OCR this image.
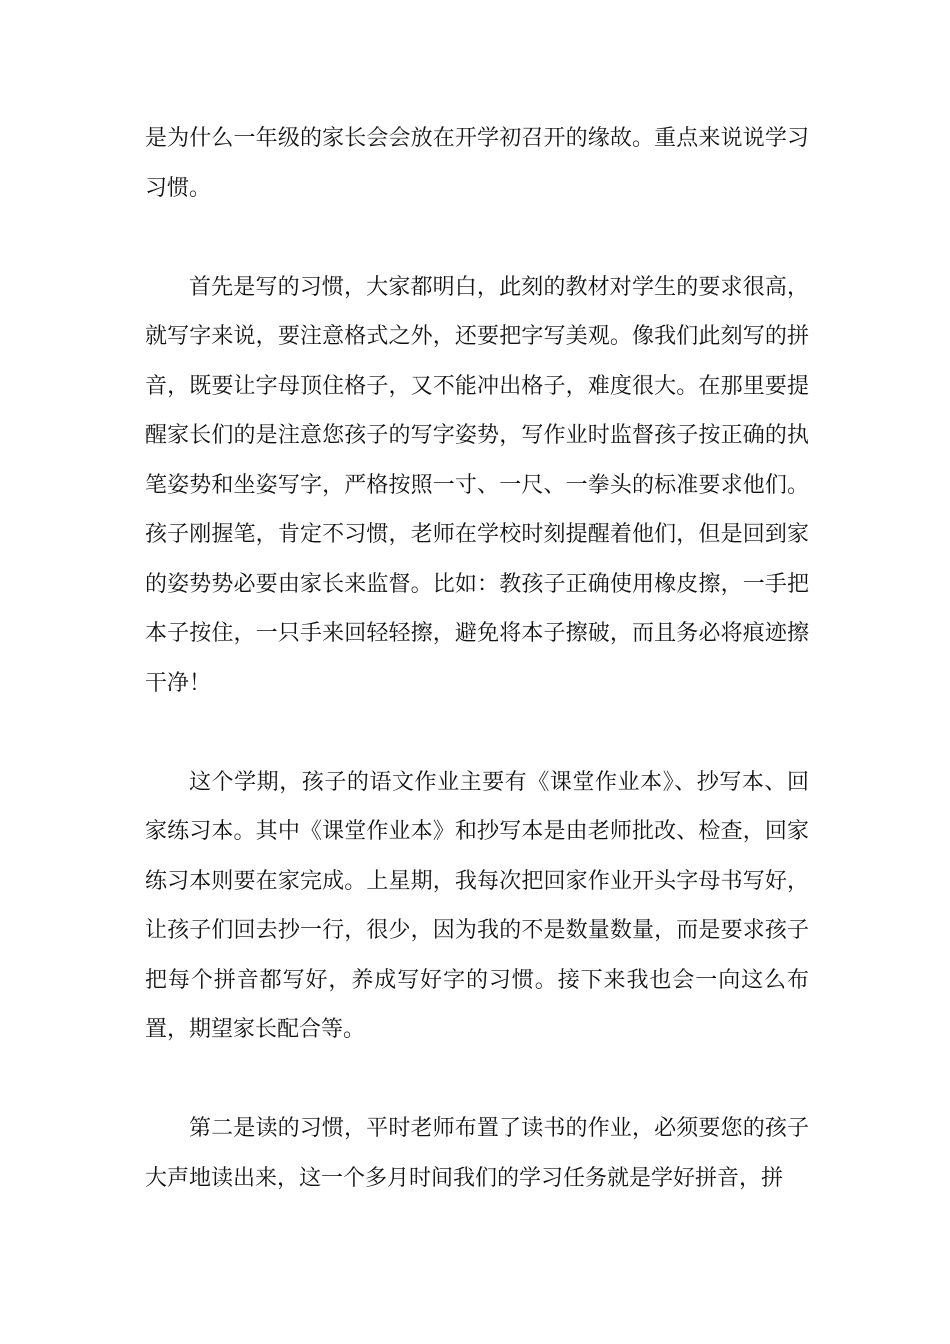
是为什么一年级的家长会会放在开学初召开的缘故。重点来说说学习习惯。

首先是写的习惯，大家都明白，此刻的教材对学生的要求很高，就写字来说，要注意格式之外，还要把字写美观。像我们此刻写的拼音，既要让字母顶住格子，又不能冲出格子，难度很大。在那里要提醒家长们的是注意您孩子的写字姿势，写作业时监督孩子按正确的执笔姿势和坐姿写字，严格按照一寸、一尺、一拳头的标准要求他们。孩子刚握笔，肯定不习惯，老师在学校时刻提醒着他们，但是回到家的姿势势必要由家长来监督。比如：教孩子正确使用橡皮擦，一手把本子按住，一只手来回轻轻擦，避免将本子擦破，而且务必将痕迹擦干净！

这个学期，孩子的语文作业主要有《课堂作业本》、抄写本、回家练习本。其中《课堂作业本》和抄写本是由老师批改、检查，回家练习本则要在家完成。上星期，我每次把回家作业开头字母书写好，让孩子们回去抄一行，很少，因为我的不是数量数量，而是要求孩子把每个拼音都写好，养成写好字的习惯。接下来我也会一向这么布置，期望家长配合等。

第二是读的习惯，平时老师布置了读书的作业，必须要您的孩子大声地读出来，这一个多月时间我们的学习任务就是学好拼音，拼
